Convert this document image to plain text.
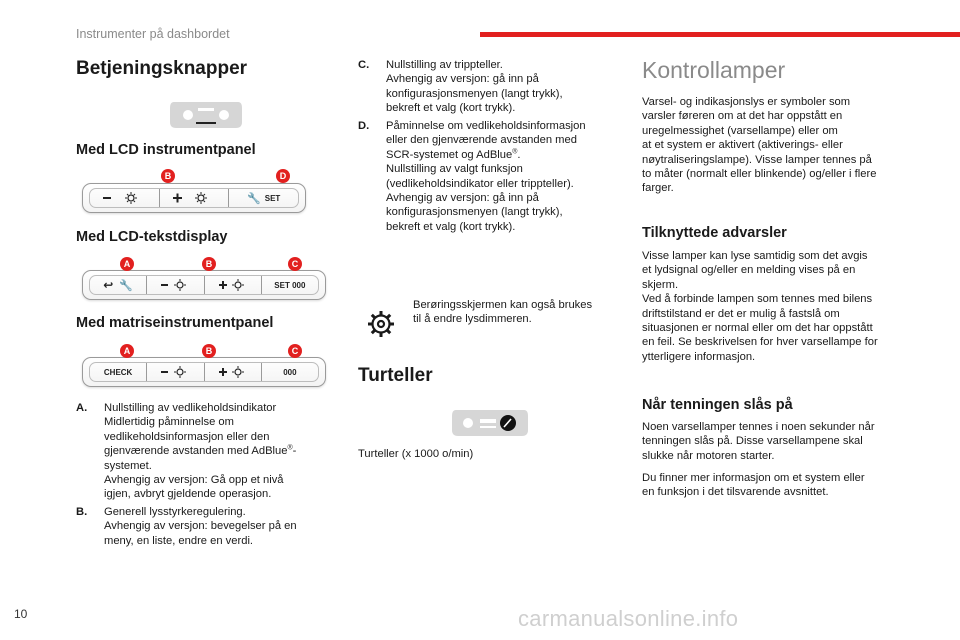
Instrumenter på dashbordet
Betjeningsknapper
Med LCD instrumentpanel
🔧 SET
B	D
Med LCD-tekstdisplay
↩ 🔧	SET 000
A	B	C
Med matriseinstrumentpanel
CHECK	000
A	B	C
A.	Nullstilling av vedlikeholdsindikator
Midlertidig påminnelse om
vedlikeholdsinformasjon eller den
gjenværende avstanden med AdBlue®-
systemet.
Avhengig av versjon: Gå opp et nivå
igjen, avbryt gjeldende operasjon.
B.	Generell lysstyrkeregulering.
Avhengig av versjon: bevegelser på en
meny, en liste, endre en verdi.
C.	Nullstilling av trippteller.
Avhengig av versjon: gå inn på
konfigurasjonsmenyen (langt trykk),
bekreft et valg (kort trykk).
D.	Påminnelse om vedlikeholdsinformasjon
eller den gjenværende avstanden med
SCR-systemet og AdBlue®.
Nullstilling av valgt funksjon
(vedlikeholdsindikator eller trippteller).
Avhengig av versjon: gå inn på
konfigurasjonsmenyen (langt trykk),
bekreft et valg (kort trykk).
Berøringsskjermen kan også brukes
til å endre lysdimmeren.
Turteller
Turteller (x 1000 o/min)
Kontrollamper
Varsel- og indikasjonslys er symboler som
varsler føreren om at det har oppstått en
uregelmessighet (varsellampe) eller om
at et system er aktivert (aktiverings- eller
nøytraliseringslampe). Visse lamper tennes på
to måter (normalt eller blinkende) og/eller i flere
farger.
Tilknyttede advarsler
Visse lamper kan lyse samtidig som det avgis
et lydsignal og/eller en melding vises på en
skjerm.
Ved å forbinde lampen som tennes med bilens
driftstilstand er det er mulig å fastslå om
situasjonen er normal eller om det har oppstått
en feil. Se beskrivelsen for hver varsellampe for
ytterligere informasjon.
Når tenningen slås på
Noen varsellamper tennes i noen sekunder når
tenningen slås på. Disse varsellampene skal
slukke når motoren starter.
Du finner mer informasjon om et system eller
en funksjon i det tilsvarende avsnittet.
10	carmanualsonline.info
